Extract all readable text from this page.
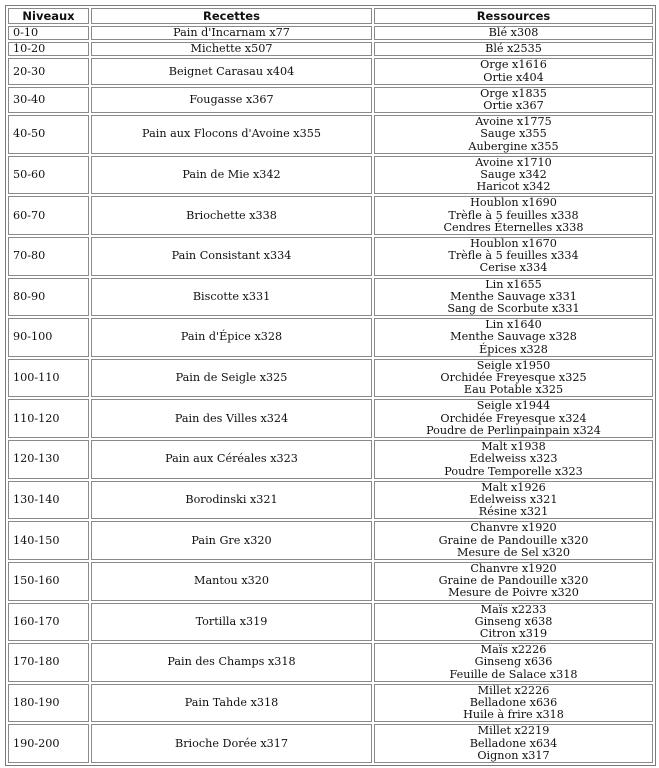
Niveaux	Recettes	Ressources
0-10	Pain d'Incarnam x77	Blé x308

10-20	Michette x507	Blé x2535

20-30	Beignet Carasau x404	Orge x1616
Ortie x404

30-40	Fougasse x367	Orge x1835
Ortie x367

40-50	Pain aux Flocons d'Avoine x355	Avoine x1775
Sauge x355
Aubergine x355

50-60	Pain de Mie x342	Avoine x1710
Sauge x342
Haricot x342

60-70	Briochette x338	Houblon x1690
Trèfle à 5 feuilles x338
Cendres Éternelles x338

70-80	Pain Consistant x334	Houblon x1670
Trèfle à 5 feuilles x334
Cerise x334

80-90	Biscotte x331	Lin x1655
Menthe Sauvage x331
Sang de Scorbute x331

90-100	Pain d'Épice x328	Lin x1640
Menthe Sauvage x328
Épices x328

100-110	Pain de Seigle x325	Seigle x1950
Orchidée Freyesque x325
Eau Potable x325

110-120	Pain des Villes x324	Seigle x1944
Orchidée Freyesque x324
Poudre de Perlinpainpain x324

120-130	Pain aux Céréales x323	Malt x1938
Edelweiss x323
Poudre Temporelle x323

130-140	Borodinski x321	Malt x1926
Edelweiss x321
Résine x321

140-150	Pain Gre x320	Chanvre x1920
Graine de Pandouille x320
Mesure de Sel x320

150-160	Mantou x320	Chanvre x1920
Graine de Pandouille x320
Mesure de Poivre x320

160-170	Tortilla x319	Maïs x2233
Ginseng x638
Citron x319

170-180	Pain des Champs x318	Maïs x2226
Ginseng x636
Feuille de Salace x318

180-190	Pain Tahde x318	Millet x2226
Belladone x636
Huile à frire x318

190-200	Brioche Dorée x317	Millet x2219
Belladone x634
Oignon x317
